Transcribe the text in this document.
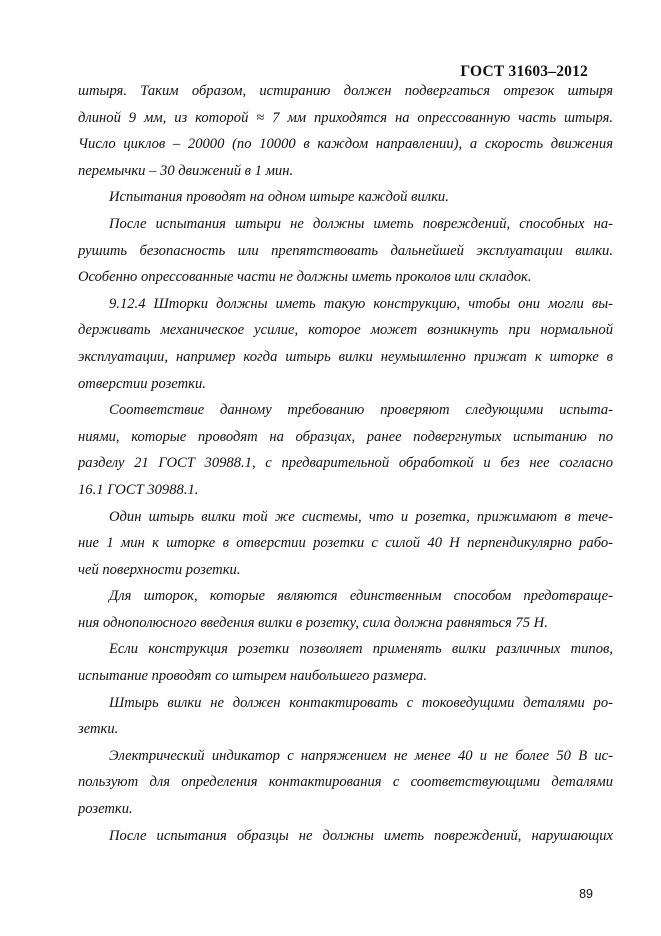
ГОСТ 31603–2012
штыря. Таким образом, истиранию должен подвергаться отрезок штыря
длиной 9 мм, из которой ≈ 7 мм приходятся на опрессованную часть штыря.
Число циклов – 20000 (по 10000 в каждом направлении), а скорость движения
перемычки – 30 движений в 1 мин.
Испытания проводят на одном штыре каждой вилки.
После испытания штыри не должны иметь повреждений, способных на-
рушить безопасность или препятствовать дальнейшей эксплуатации вилки.
Особенно опрессованные части не должны иметь проколов или складок.
9.12.4 Шторки должны иметь такую конструкцию, чтобы они могли вы-
держивать механическое усилие, которое может возникнуть при нормальной
эксплуатации, например когда штырь вилки неумышленно прижат к шторке в
отверстии розетки.
Соответствие данному требованию проверяют следующими испыта-
ниями, которые проводят на образцах, ранее подвергнутых испытанию по
разделу 21 ГОСТ 30988.1, с предварительной обработкой и без нее согласно
16.1 ГОСТ 30988.1.
Один штырь вилки той же системы, что и розетка, прижимают в тече-
ние 1 мин к шторке в отверстии розетки с силой 40 Н перпендикулярно рабо-
чей поверхности розетки.
Для шторок, которые являются единственным способом предотвраще-
ния однополюсного введения вилки в розетку, сила должна равняться 75 Н.
Если конструкция розетки позволяет применять вилки различных типов,
испытание проводят со штырем наибольшего размера.
Штырь вилки не должен контактировать с токоведущими деталями ро-
зетки.
Электрический индикатор с напряжением не менее 40 и не более 50 В ис-
пользуют для определения контактирования с соответствующими деталями
розетки.
После испытания образцы не должны иметь повреждений, нарушающих
89
